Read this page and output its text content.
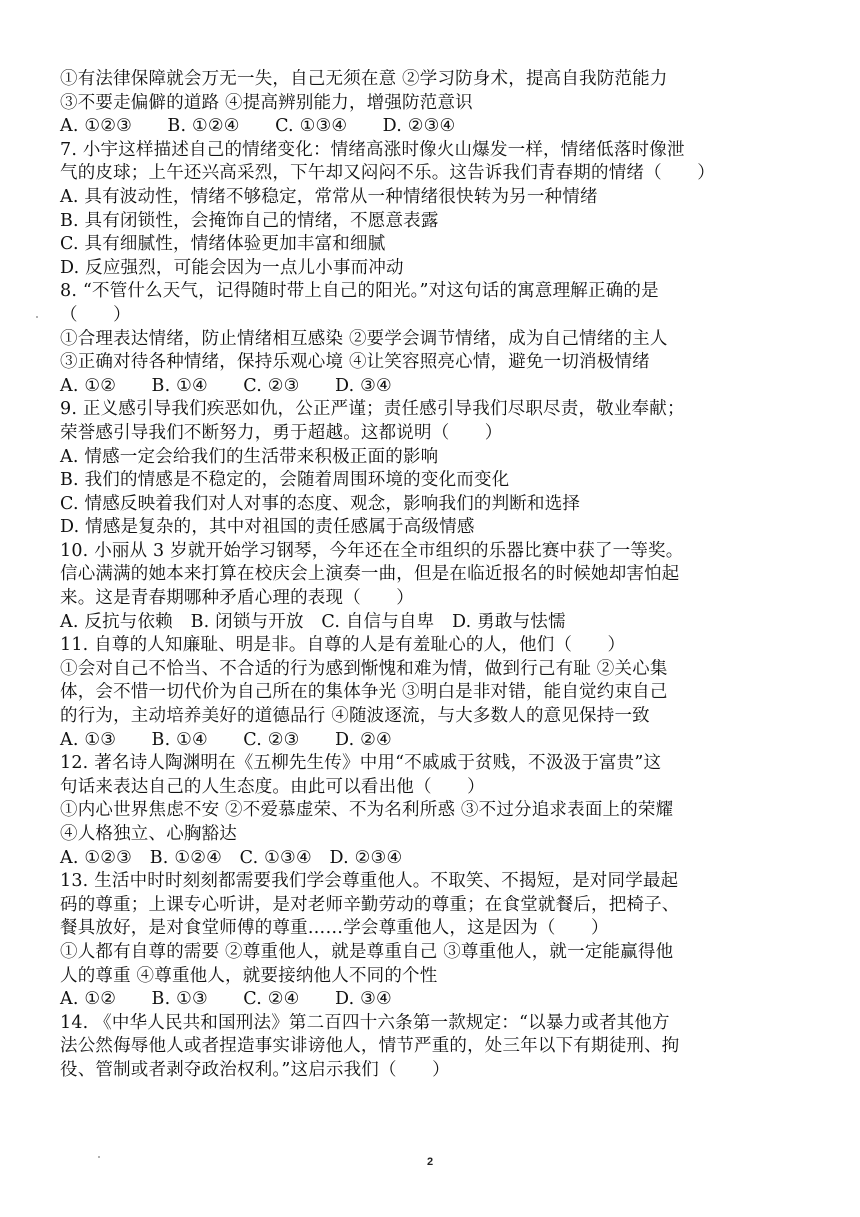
①有法律保障就会万无一失，自己无须在意 ②学习防身术，提高自我防范能力
③不要走偏僻的道路 ④提高辨别能力，增强防范意识
A. ①②③　　B. ①②④　　C. ①③④　　D. ②③④
7. 小宇这样描述自己的情绪变化：情绪高涨时像火山爆发一样，情绪低落时像泄
气的皮球；上午还兴高采烈，下午却又闷闷不乐。这告诉我们青春期的情绪（　　）
A. 具有波动性，情绪不够稳定，常常从一种情绪很快转为另一种情绪
B. 具有闭锁性，会掩饰自己的情绪，不愿意表露
C. 具有细腻性，情绪体验更加丰富和细腻
D. 反应强烈，可能会因为一点儿小事而冲动
8. “不管什么天气，记得随时带上自己的阳光。”对这句话的寓意理解正确的是
（　　）
①合理表达情绪，防止情绪相互感染 ②要学会调节情绪，成为自己情绪的主人
③正确对待各种情绪，保持乐观心境 ④让笑容照亮心情，避免一切消极情绪
A. ①②　　B. ①④　　C. ②③　　D. ③④
9. 正义感引导我们疾恶如仇，公正严谨；责任感引导我们尽职尽责，敬业奉献；
荣誉感引导我们不断努力，勇于超越。这都说明（　　）
A. 情感一定会给我们的生活带来积极正面的影响
B. 我们的情感是不稳定的，会随着周围环境的变化而变化
C. 情感反映着我们对人对事的态度、观念，影响我们的判断和选择
D. 情感是复杂的，其中对祖国的责任感属于高级情感
10. 小丽从 3 岁就开始学习钢琴，今年还在全市组织的乐器比赛中获了一等奖。
信心满满的她本来打算在校庆会上演奏一曲，但是在临近报名的时候她却害怕起
来。这是青春期哪种矛盾心理的表现（　　）
A. 反抗与依赖　B. 闭锁与开放　C. 自信与自卑　D. 勇敢与怯懦
11. 自尊的人知廉耻、明是非。自尊的人是有羞耻心的人，他们（　　）
①会对自己不恰当、不合适的行为感到惭愧和难为情，做到行己有耻 ②关心集
体，会不惜一切代价为自己所在的集体争光 ③明白是非对错，能自觉约束自己
的行为，主动培养美好的道德品行 ④随波逐流，与大多数人的意见保持一致
A. ①③　　B. ①④　　C. ②③　　D. ②④
12. 著名诗人陶渊明在《五柳先生传》中用“不戚戚于贫贱，不汲汲于富贵”这
句话来表达自己的人生态度。由此可以看出他（　　）
①内心世界焦虑不安 ②不爱慕虚荣、不为名利所惑 ③不过分追求表面上的荣耀
④人格独立、心胸豁达
A. ①②③　B. ①②④　C. ①③④　D. ②③④
13. 生活中时时刻刻都需要我们学会尊重他人。不取笑、不揭短，是对同学最起
码的尊重；上课专心听讲，是对老师辛勤劳动的尊重；在食堂就餐后，把椅子、
餐具放好，是对食堂师傅的尊重……学会尊重他人，这是因为（　　）
①人都有自尊的需要 ②尊重他人，就是尊重自己 ③尊重他人，就一定能赢得他
人的尊重 ④尊重他人，就要接纳他人不同的个性
A. ①②　　B. ①③　　C. ②④　　D. ③④
14. 《中华人民共和国刑法》第二百四十六条第一款规定：“以暴力或者其他方
法公然侮辱他人或者捏造事实诽谤他人，情节严重的，处三年以下有期徒刑、拘
役、管制或者剥夺政治权利。”这启示我们（　　）
2
